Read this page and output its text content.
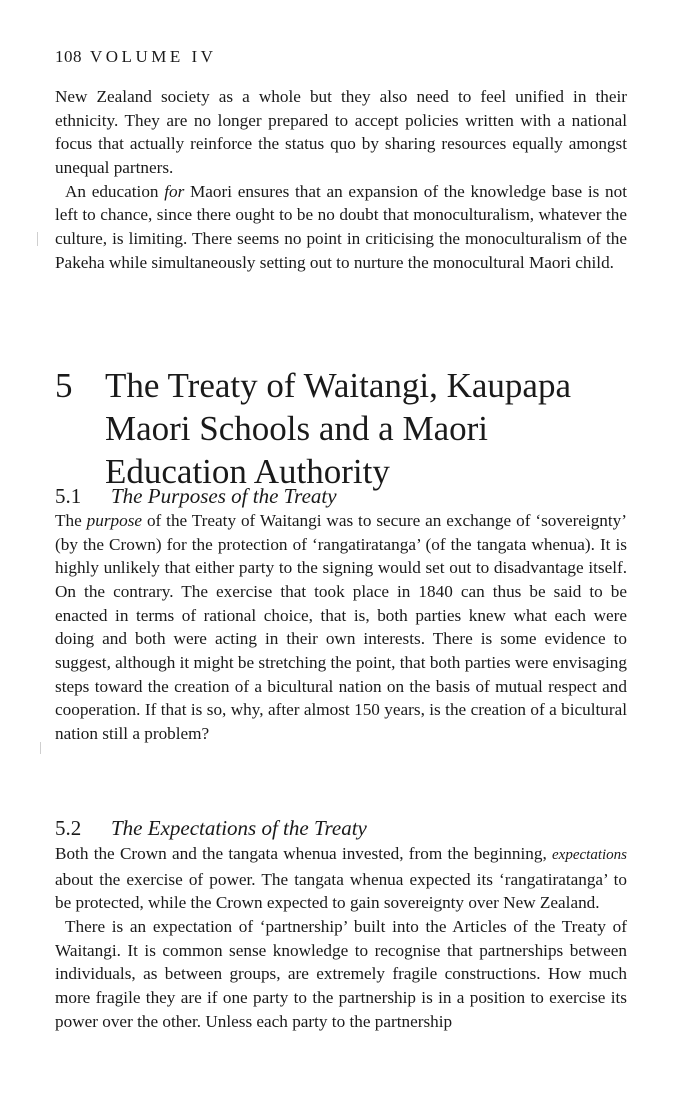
108 VOLUME IV

New Zealand society as a whole but they also need to feel unified in their ethnicity. They are no longer prepared to accept policies written with a national focus that actually reinforce the status quo by sharing resources equally amongst unequal partners.

An education for Maori ensures that an expansion of the knowledge base is not left to chance, since there ought to be no doubt that monoculturalism, whatever the culture, is limiting. There seems no point in criticising the monoculturalism of the Pakeha while simultaneously setting out to nurture the monocultural Maori child.

5 The Treaty of Waitangi, Kaupapa
Maori Schools and a Maori
Education Authority
5.1 The Purposes of the Treaty

The purpose of the Treaty of Waitangi was to secure an exchange of ‘sovereignty’ (by the Crown) for the protection of ‘rangatiratanga’ (of the tangata whenua). It is highly unlikely that either party to the signing would set out to disadvantage itself. On the contrary. The exercise that took place in 1840 can thus be said to be enacted in terms of rational choice, that is, both parties knew what each were doing and both were acting in their own interests. There is some evidence to suggest, although it might be stretching the point, that both parties were envisaging steps toward the creation of a bicultural nation on the basis of mutual respect and cooperation. If that is so, why, after almost 150 years, is the creation of a bicultural nation still a problem?

5.2 The Expectations of the Treaty

Both the Crown and the tangata whenua invested, from the beginning, expectations about the exercise of power. The tangata whenua expected its ‘rangatiratanga’ to be protected, while the Crown expected to gain sovereignty over New Zealand.

There is an expectation of ‘partnership’ built into the Articles of the Treaty of Waitangi. It is common sense knowledge to recognise that partnerships between individuals, as between groups, are extremely fragile constructions. How much more fragile they are if one party to the partnership is in a position to exercise its power over the other. Unless each party to the partnership
